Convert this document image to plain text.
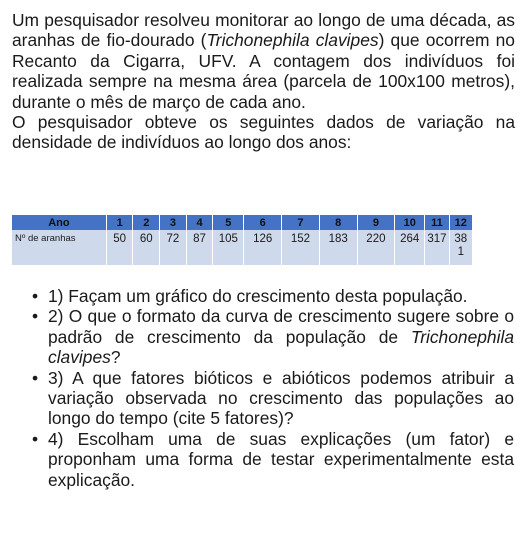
Um pesquisador resolveu monitorar ao longo de uma década, as aranhas de fio-dourado (Trichonephila clavipes) que ocorrem no Recanto da Cigarra, UFV. A contagem dos indivíduos foi realizada sempre na mesma área (parcela de 100x100 metros), durante o mês de março de cada ano.

O pesquisador obteve os seguintes dados de variação na densidade de indivíduos ao longo dos anos:

Ano	1	2	3	4	5	6	7	8	9	10	11	12
Nº de aranhas	50	60	72	87	105	126	152	183	220	264	317	381
• 1) Façam um gráfico do crescimento desta população.
• 2) O que o formato da curva de crescimento sugere sobre o padrão de crescimento da população de Trichonephila clavipes?
• 3) A que fatores bióticos e abióticos podemos atribuir a variação observada no crescimento das populações ao longo do tempo (cite 5 fatores)?
• 4) Escolham uma de suas explicações (um fator) e proponham uma forma de testar experimentalmente esta explicação.
